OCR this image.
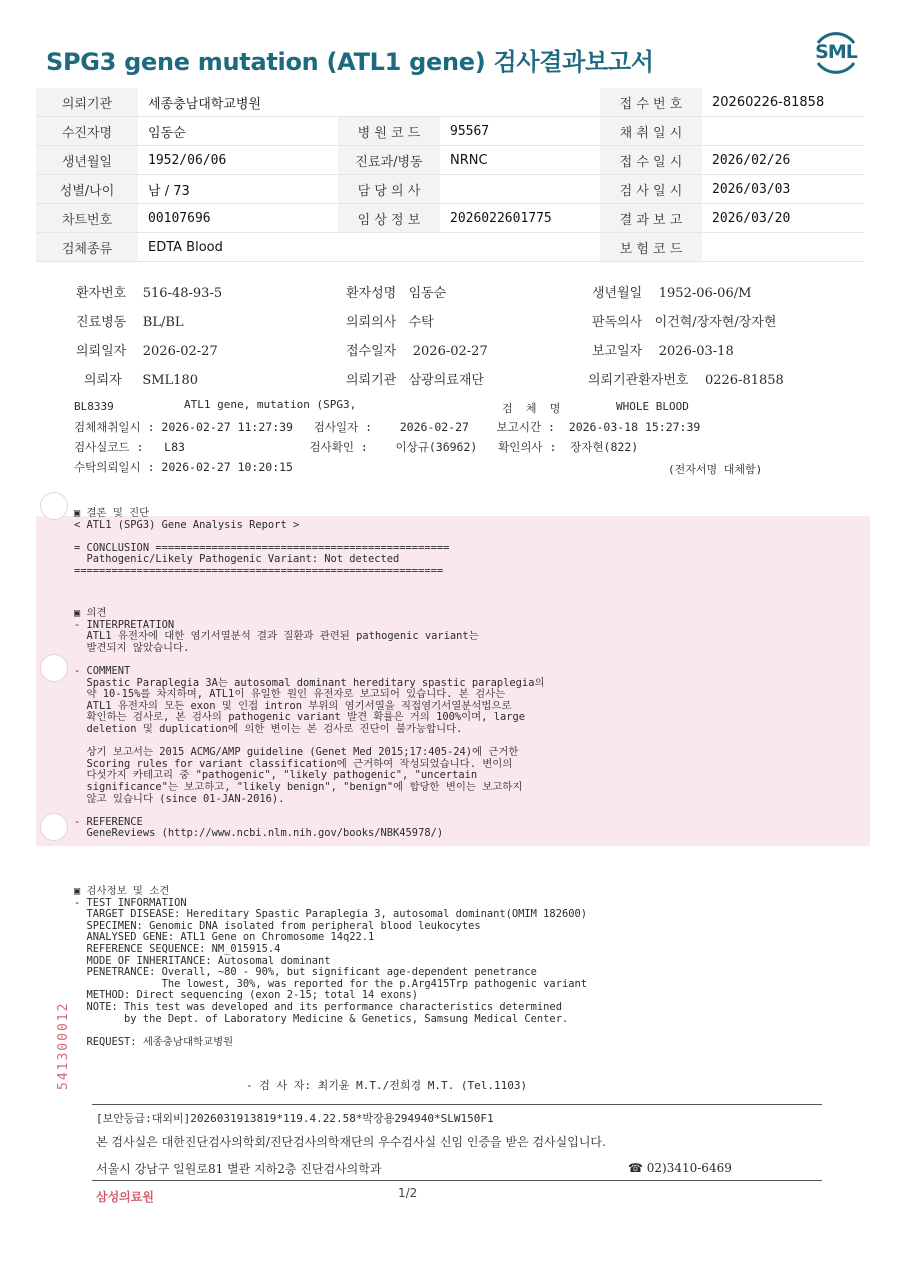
SPG3 gene mutation (ATL1 gene) 검사결과보고서	SML
의뢰기관	세종충남대학교병원			접 수 번 호	20260226-81858
수진자명	임동순	병 원 코 드	95567	채 취 일 시	
생년월일	1952/06/06	진료과/병동	NRNC	접 수 일 시	2026/02/26
성별/나이	남 / 73	담 당 의 사		검 사 일 시	2026/03/03
차트번호	00107696	임 상 정 보	2026022601775	결 과 보 고	2026/03/20
검체종류	EDTA Blood			보 험 코 드	
환자번호    516-48-93-5	환자성명   임동순	생년월일    1952-06-06/M
진료병동    BL/BL	의뢰의사   수탁	판독의사   이건혁/장자현/장자현
의뢰일자    2026-02-27	접수일자    2026-02-27	보고일자    2026-03-18
의뢰자     SML180	의뢰기관   삼광의료재단	의뢰기관환자번호    0226-81858
BL8339	ATL1 gene, mutation (SPG3,	검  체  명	WHOLE BLOOD
검체채취일시 : 2026-02-27 11:27:39   검사일자 :    2026-02-27    보고시간 :  2026-03-18 15:27:39
검사실코드 :   L83                  검사확인 :    이상규(36962)   확인의사 :  장자현(822)
수탁의뢰일시 : 2026-02-27 10:20:15	(전자서명 대체함)
▣ 결론 및 진단
< ATL1 (SPG3) Gene Analysis Report >

= CONCLUSION ===============================================
Pathogenic/Likely Pathogenic Variant: Not detected
===========================================================
▣ 의견
- INTERPRETATION
ATL1 유전자에 대한 염기서열분석 결과 질환과 관련된 pathogenic variant는
발견되지 않았습니다.

- COMMENT
Spastic Paraplegia 3A는 autosomal dominant hereditary spastic paraplegia의
약 10-15%를 차지하며, ATL1이 유일한 원인 유전자로 보고되어 있습니다. 본 검사는
ATL1 유전자의 모든 exon 및 인접 intron 부위의 염기서열을 직접염기서열분석법으로
확인하는 검사로, 본 검사의 pathogenic variant 발견 확률은 거의 100%이며, large
deletion 및 duplication에 의한 변이는 본 검사로 진단이 불가능합니다.

상기 보고서는 2015 ACMG/AMP guideline (Genet Med 2015;17:405-24)에 근거한
Scoring rules for variant classification에 근거하여 작성되었습니다. 변이의
다섯가지 카테고리 중 "pathogenic", "likely pathogenic", "uncertain
significance"는 보고하고, "likely benign", "benign"에 합당한 변이는 보고하지
않고 있습니다 (since 01-JAN-2016).

- REFERENCE
GeneReviews (http://www.ncbi.nlm.nih.gov/books/NBK45978/)
▣ 검사정보 및 소견
- TEST INFORMATION
TARGET DISEASE: Hereditary Spastic Paraplegia 3, autosomal dominant(OMIM 182600)
SPECIMEN: Genomic DNA isolated from peripheral blood leukocytes
ANALYSED GENE: ATL1 Gene on Chromosome 14q22.1
REFERENCE SEQUENCE: NM_015915.4
MODE OF INHERITANCE: Autosomal dominant
PENETRANCE: Overall, ~80 - 90%, but significant age-dependent penetrance
The lowest, 30%, was reported for the p.Arg415Trp pathogenic variant
METHOD: Direct sequencing (exon 2-15; total 14 exons)
NOTE: This test was developed and its performance characteristics determined
by the Dept. of Laboratory Medicine & Genetics, Samsung Medical Center.

REQUEST: 세종충남대학교병원
- 검 사 자: 최기윤 M.T./전희경 M.T. (Tel.1103)
541300012
[보안등급:대외비]2026031913819*119.4.22.58*박장용294940*SLW150F1
본 검사실은 대한진단검사의학회/진단검사의학재단의 우수검사실 신임 인증을 받은 검사실입니다.
서울시 강남구 일원로81 별관 지하2층 진단검사의학과	☎ 02)3410-6469
삼성의료원	1/2
